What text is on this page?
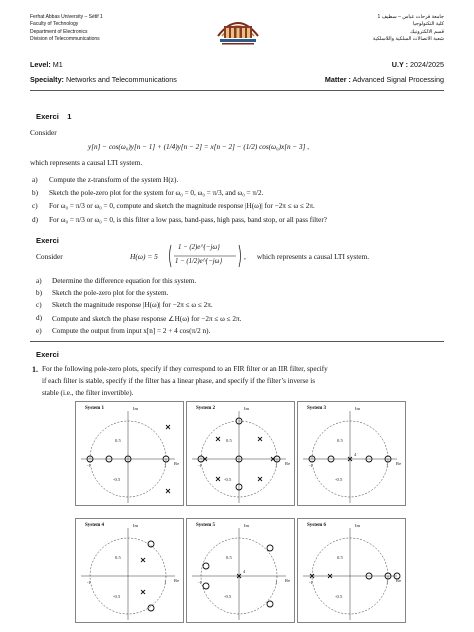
Ferhat Abbas University – Sétif 1
Faculty of Technology
Department of Electronics
Division of Telecommunications
جامعة فرحات عباس – سطيف 1
كلية التكنولوجيا
قسم الالكترونيك
شعبة الاتصالات السلكية واللاسلكية
Level: M1	U.Y : 2024/2025
Specialty: Networks and Telecommunications	Matter : Advanced Signal Processing
Exerci    1
Consider
y[n] − cos(ω₀)y[n − 1] + (1/4)y[n − 2] = x[n − 2] − (1/2) cos(ω₀)x[n − 3] ,
which represents a causal LTI system.
a) Compute the z-transform of the system H(z).
b) Sketch the pole-zero plot for the system for ω₀ = 0, ω₀ = π/3, and ω₀ = π/2.
c) For ω₀ = π/3 or ω₀ = 0, compute and sketch the magnitude response |H(ω)| for −2π ≤ ω ≤ 2π.
d) For ω₀ = π/3 or ω₀ = 0, is this filter a low pass, band-pass, high pass, band stop, or all pass filter?
Exerci
Consider	H(ω) = 5
1 − (2)e^{−jω}
1 − (1/2)e^{−jω}
,      which represents a causal LTI system.
a) Determine the difference equation for this system.
b) Sketch the pole-zero plot for the system.
c) Sketch the magnitude response |H(ω)| for −2π ≤ ω ≤ 2π.
d) Compute and sketch the phase response ∠H(ω) for −2π ≤ ω ≤ 2π.
e) Compute the output from input x[n] = 2 + 4 cos(π/2 n).
Exerci
1. For the following pole-zero plots, specify if they correspond to an FIR filter or an IIR filter, specify
if each filter is stable, specify if the filter has a linear phase, and specify if the filter’s inverse is
stable (i.e., the filter invertible).
System 1	Im
Re
0.5
-0.5
1
-1
System 2	Im
Re
0.5
-0.5
1
-1
System 3	Im
Re
0.5
-0.5
1
-1
4
System 4	Im
Re
0.5
-0.5
1
-1
System 5	Im
Re
0.5
-0.5
1
-1
4
System 6	Im
Re
0.5
-0.5
1
-1
